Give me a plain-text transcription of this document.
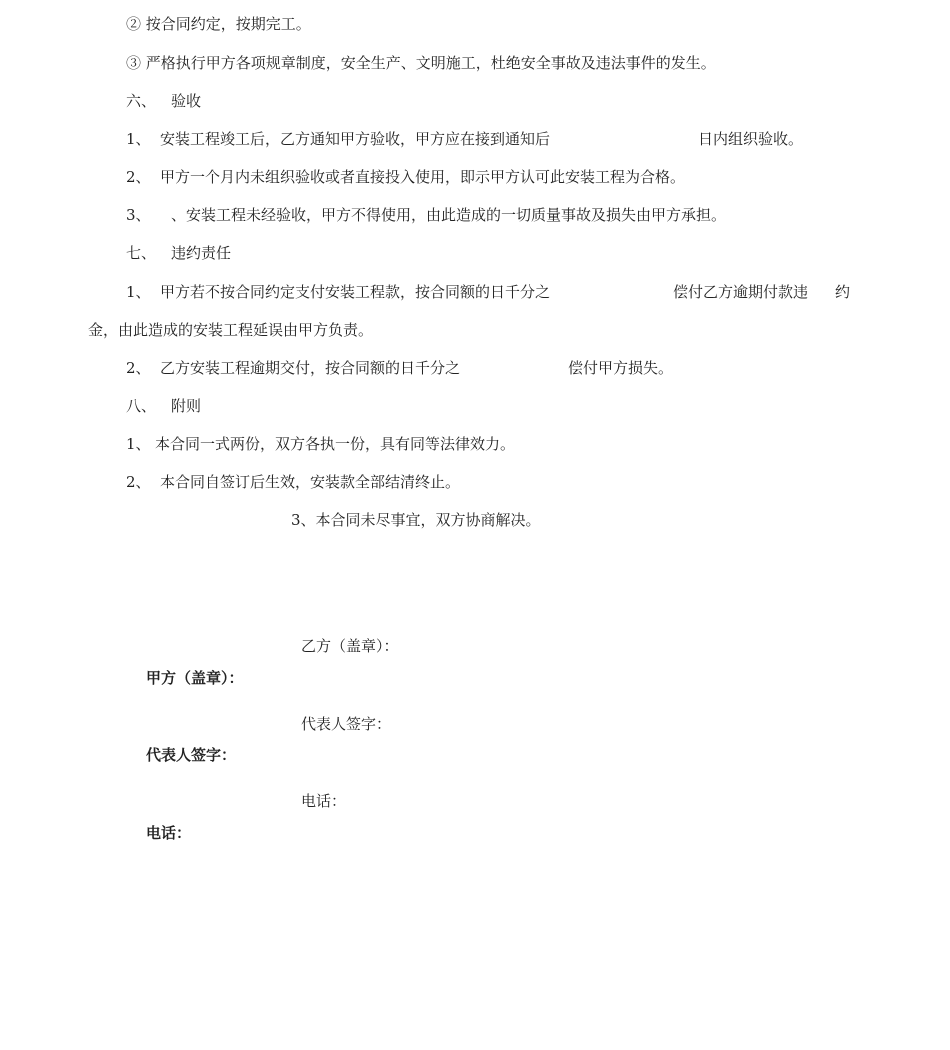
② 按合同约定，按期完工。

③ 严格执行甲方各项规章制度，安全生产、文明施工，杜绝安全事故及违法事件的发生。

六、 验收

1、 安装工程竣工后，乙方通知甲方验收，甲方应在接到通知后	日内组织验收。

2、 甲方一个月内未组织验收或者直接投入使用，即示甲方认可此安装工程为合格。

3、 、安装工程未经验收，甲方不得使用，由此造成的一切质量事故及损失由甲方承担。

七、 违约责任

1、 甲方若不按合同约定支付安装工程款，按合同额的日千分之	偿付乙方逾期付款违 约

金，由此造成的安装工程延误由甲方负责。

2、 乙方安装工程逾期交付，按合同额的日千分之	偿付甲方损失。

八、 附则

1、 本合同一式两份，双方各执一份，具有同等法律效力。

2、 本合同自签订后生效，安装款全部结清终止。

3、本合同未尽事宜，双方协商解决。

乙方（盖章）：

甲方（盖章）：

代表人签字：

代表人签字：

电话：

电话：
